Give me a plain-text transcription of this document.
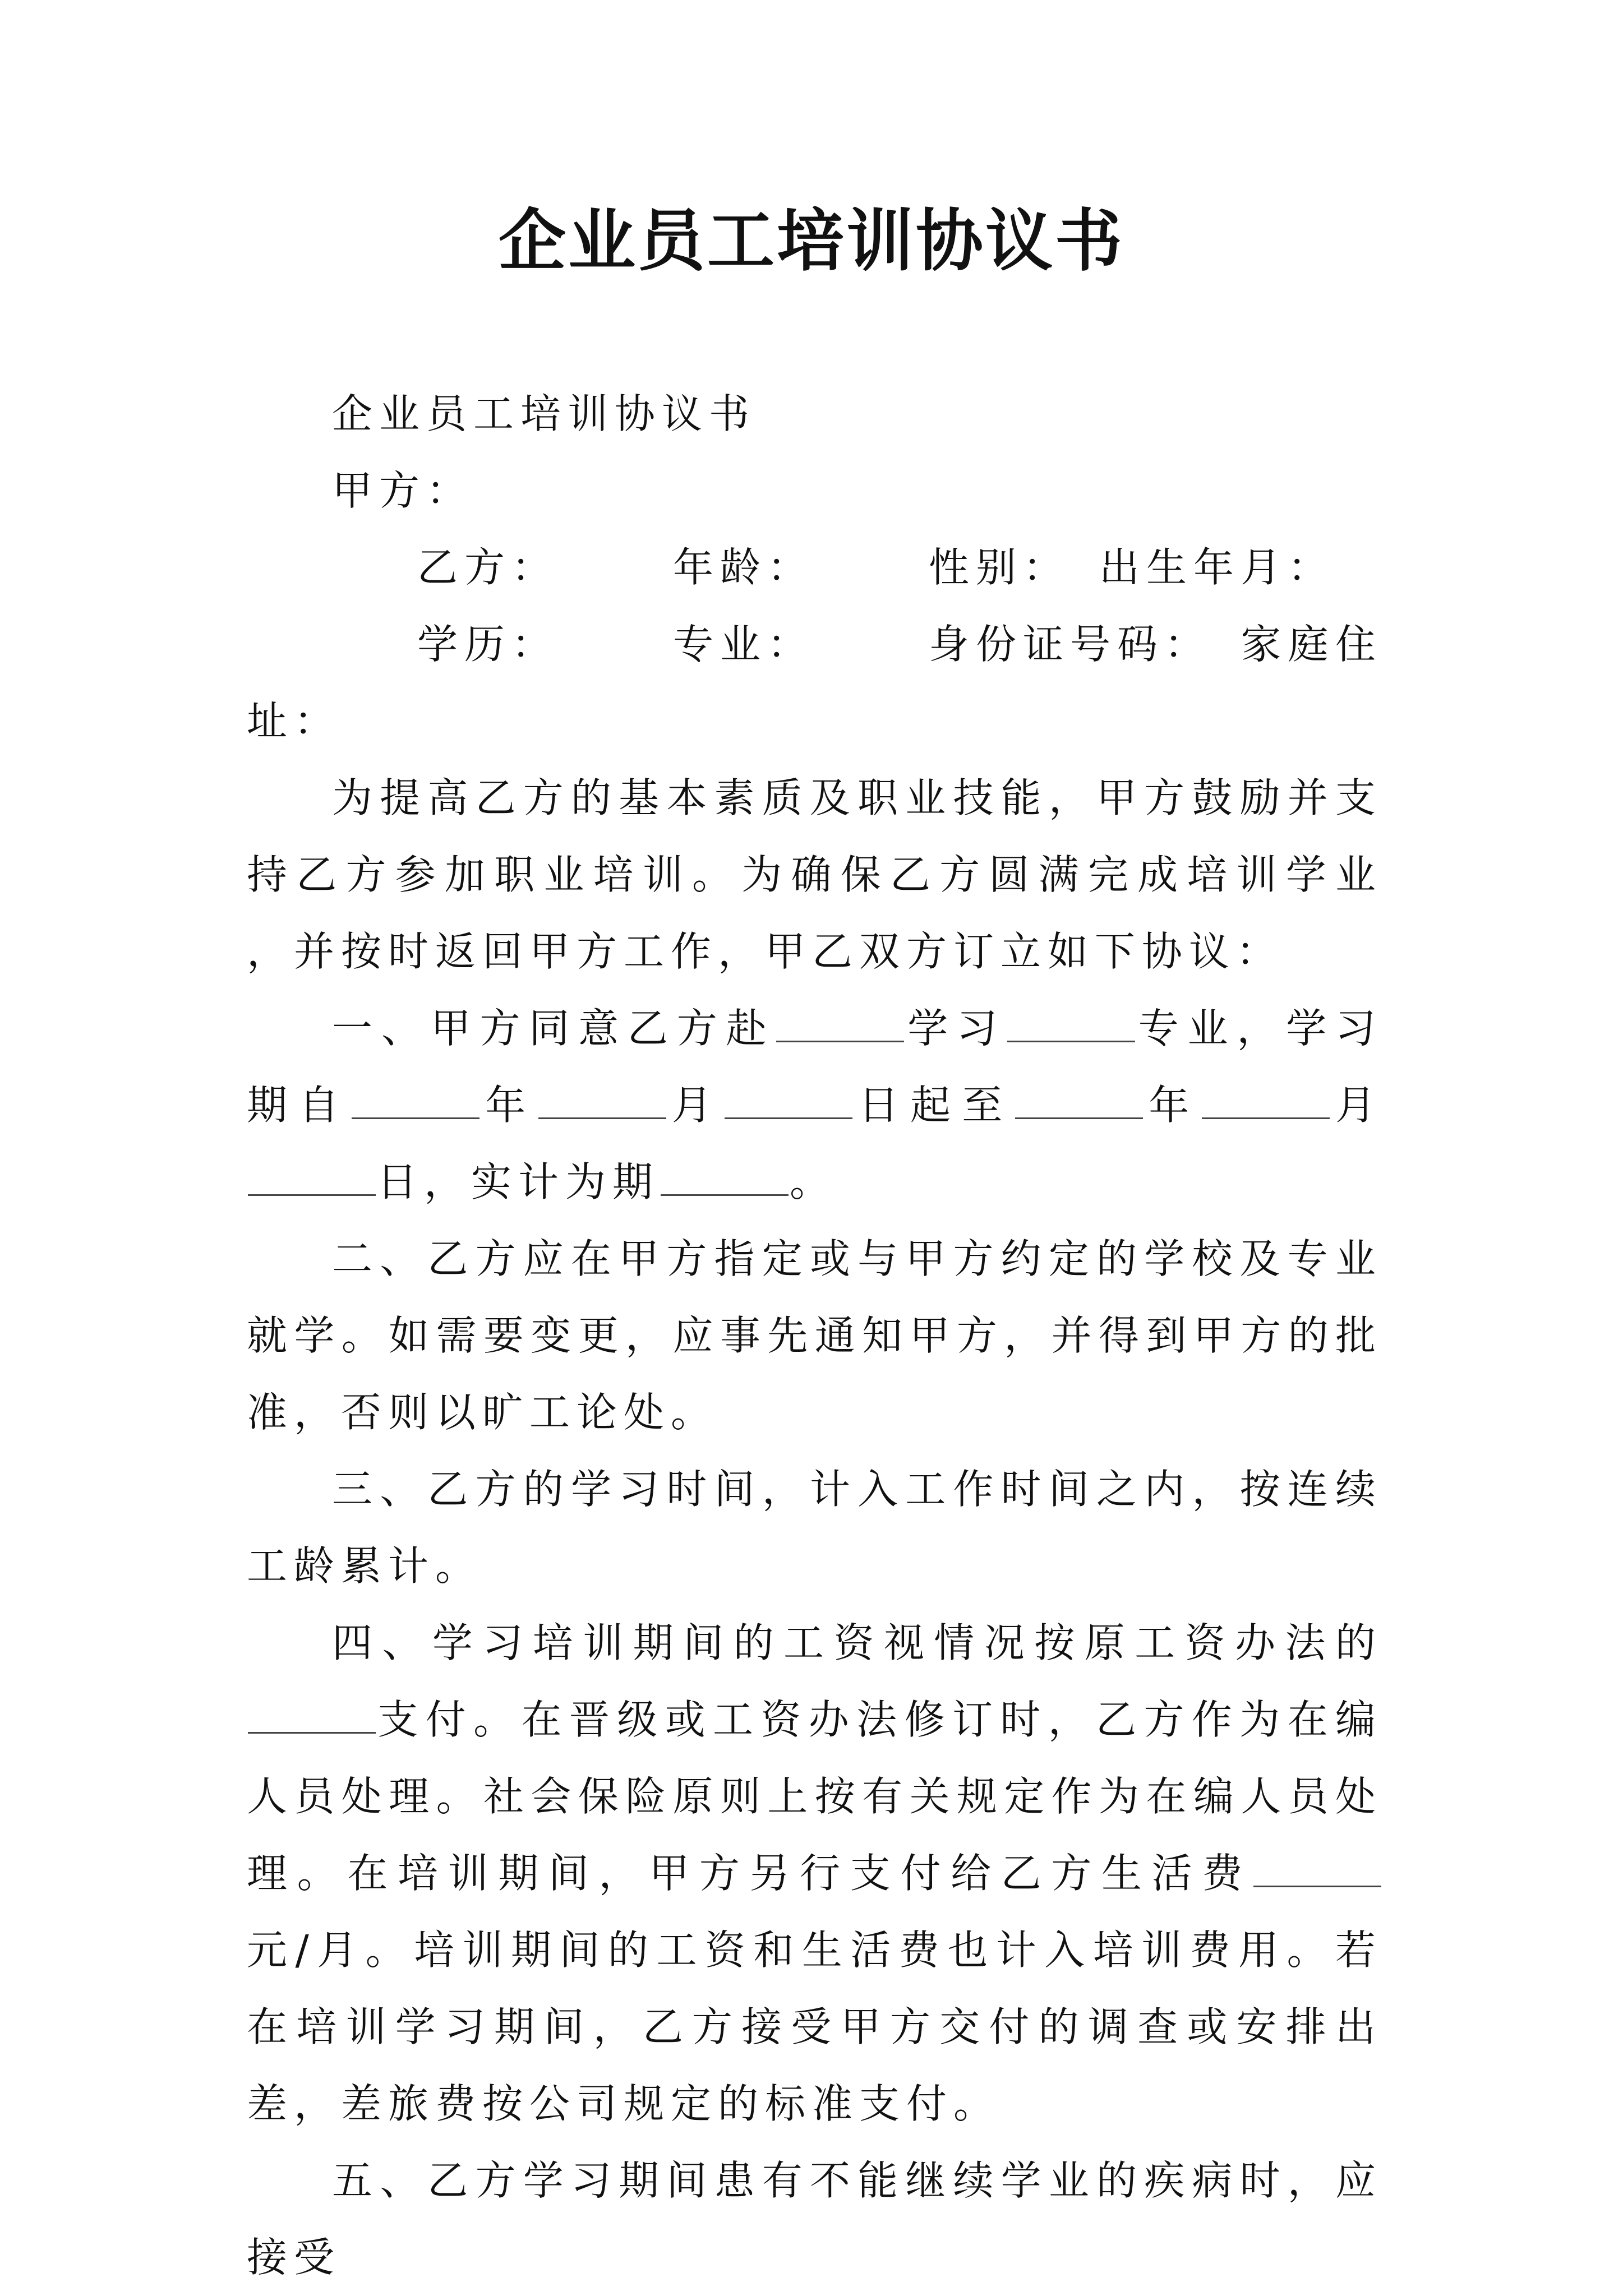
企业员工培训协议书

企业员工培训协议书

甲方：

乙方：	年龄：	性别： 出生年月：

学历：	专业：	身份证号码： 家庭住址：

为提高乙方的基本素质及职业技能，甲方鼓励并支持乙方参加职业培训。为确保乙方圆满完成培训学业 ，并按时返回甲方工作，甲乙双方订立如下协议：

一、甲方同意乙方赴	学习	专业，学习期自	年	月	日起至	年	月日，实计为期	。

二、乙方应在甲方指定或与甲方约定的学校及专业就学。如需要变更，应事先通知甲方，并得到甲方的批准，否则以旷工论处。

三、乙方的学习时间，计入工作时间之内，按连续工龄累计。

四、学习培训期间的工资视情况按原工资办法的支付。在晋级或工资办法修订时，乙方作为在编人员处理。社会保险原则上按有关规定作为在编人员处理。在培训期间，甲方另行支付给乙方生活费元/月。培训期间的工资和生活费也计入培训费用。若在培训学习期间，乙方接受甲方交付的调查或安排出差，差旅费按公司规定的标准支付。

五、乙方学习期间患有不能继续学业的疾病时，应接受
